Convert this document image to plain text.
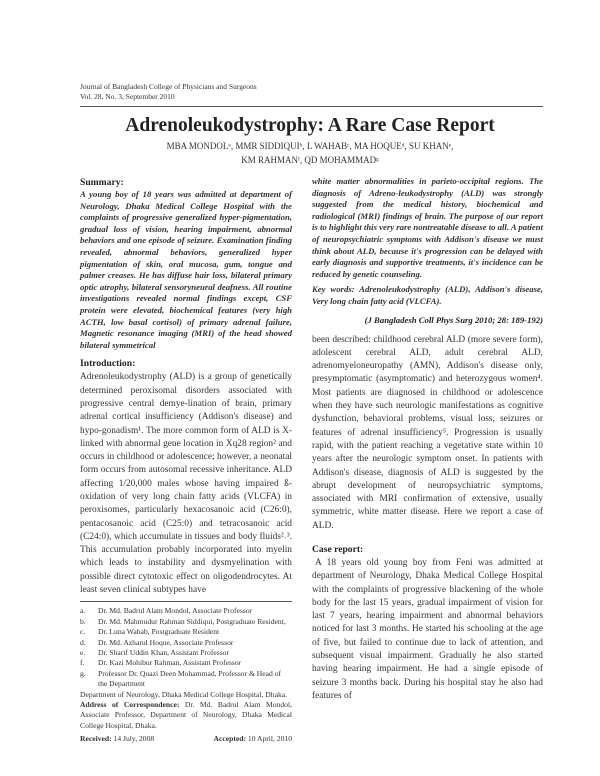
Journal of Bangladesh College of Physicians and Surgeons
Vol. 28, No. 3, September 2010
Adrenoleukodystrophy: A Rare Case Report
MBA MONDOLᵃ, MMR SIDDIQUIᵇ, L WAHABᶜ, MA HOQUEᵈ, SU KHANᵉ,
KM RAHMANᶠ, QD MOHAMMADᵍ
Summary:

A young boy of 18 years was admitted at department of Neurology, Dhaka Medical College Hospital with the complaints of progressive generalized hyper-pigmentation, gradual loss of vision, hearing impairment, abnormal behaviors and one episode of seizure. Examination finding revealed, abnormal behaviors, generalized hyper pigmentation of skin, oral mucosa, gum, tongue and palmer creases. He has diffuse hair loss, bilateral primary optic atrophy, bilateral sensoryneural deafness. All routine investigations revealed normal findings except, CSF protein were elevated, biochemical features (very high ACTH, low basal cortisol) of primary adrenal failure, Magnetic resonance imaging (MRI) of the head showed bilateral symmetrical

Introduction:

Adrenoleukodystrophy (ALD) is a group of genetically determined peroxisomal disorders associated with progressive central demye-lination of brain, primary adrenal cortical insufficiency (Addison's disease) and hypo-gonadism¹. The more common form of ALD is X-linked with abnormal gene location in Xq28 region² and occurs in childhood or adolescence; however, a neonatal form occurs from autosomal recessive inheritance. ALD affecting 1/20,000 males whose having impaired ß-oxidation of very long chain fatty acids (VLCFA) in peroxisomes, particularly hexacosanoic acid (C26:0), pentacosanoic acid (C25:0) and tetracosanoic acid (C24:0), which accumulate in tissues and body fluids²˒³. This accumulation probably incorporated into myelin which leads to instability and dysmyelination with possible direct cytotoxic effect on oligodendrocytes. At least seven clinical subtypes have

a.	Dr. Md. Badrul Alam Mondol, Associate Professor
b.	Dr. Md. Mahmudur Rahman Siddiqui, Postgraduate Resident,
c.	Dr. Luna Wahab, Postgraduate Resident
d.	Dr. Md. Azharul Hoque, Associate Professor
e.	Dr. Sharif Uddin Khan, Assistant Professor
f.	Dr. Kazi Mohibur Rahman, Assistant Professor
g.	Professor Dr. Quazi Deen Mohammad, Professor & Head of the Department
Department of Neurology, Dhaka Medical College Hospital, Dhaka.
Address of Correspondence: Dr. Md. Badrul Alam Mondol, Associate Professor, Department of Neurology, Dhaka Medical College Hospital, Dhaka.
Received: 14 July, 2008	Accepted: 10 April, 2010

white matter abnormalities in parieto-occipital regions. The diagnosis of Adreno-leukodystrophy (ALD) was strongly suggested from the medical history, biochemical and radiological (MRI) findings of brain. The purpose of our report is to highlight this very rare nontreatable disease to all. A patient of neuropsychiatric symptoms with Addison's disease we must think about ALD, because it's progression can be delayed with early diagnosis and supportive treatments, it's incidence can be reduced by genetic counseling.

Key words: Adrenoleukodystrophy (ALD), Addison's disease, Very long chain fatty acid (VLCFA).

(J Bangladesh Coll Phys Surg 2010; 28: 189-192)

been described: childhood cerebral ALD (more severe form), adolescent cerebral ALD, adult cerebral ALD, adrenomyeloneuropathy (AMN), Addison's disease only, presymptomatic (asymptomatic) and heterozygous women⁴. Most patients are diagnosed in childhood or adolescence when they have such neurologic manifestations as cognitive dysfunction, behavioral problems, visual loss, seizures or features of adrenal insufficiency⁵. Progression is usually rapid, with the patient reaching a vegetative state within 10 years after the neurologic symptom onset. In patients with Addison's disease, diagnosis of ALD is suggested by the abrupt development of neuropsychiatric symptoms, associated with MRI confirmation of extensive, usually symmetric, white matter disease. Here we report a case of ALD.

Case report:

A 18 years old young boy from Feni was admitted at department of Neurology, Dhaka Medical College Hospital with the complaints of progressive blackening of the whole body for the last 15 years, gradual impairment of vision for last 7 years, hearing impairment and abnormal behaviors noticed for last 3 months. He started his schooling at the age of five, but failed to continue due to lack of attention, and subsequent visual impairment. Gradually he also started having hearing impairment. He had a single episode of seizure 3 months back. During his hospital stay he also had features of
